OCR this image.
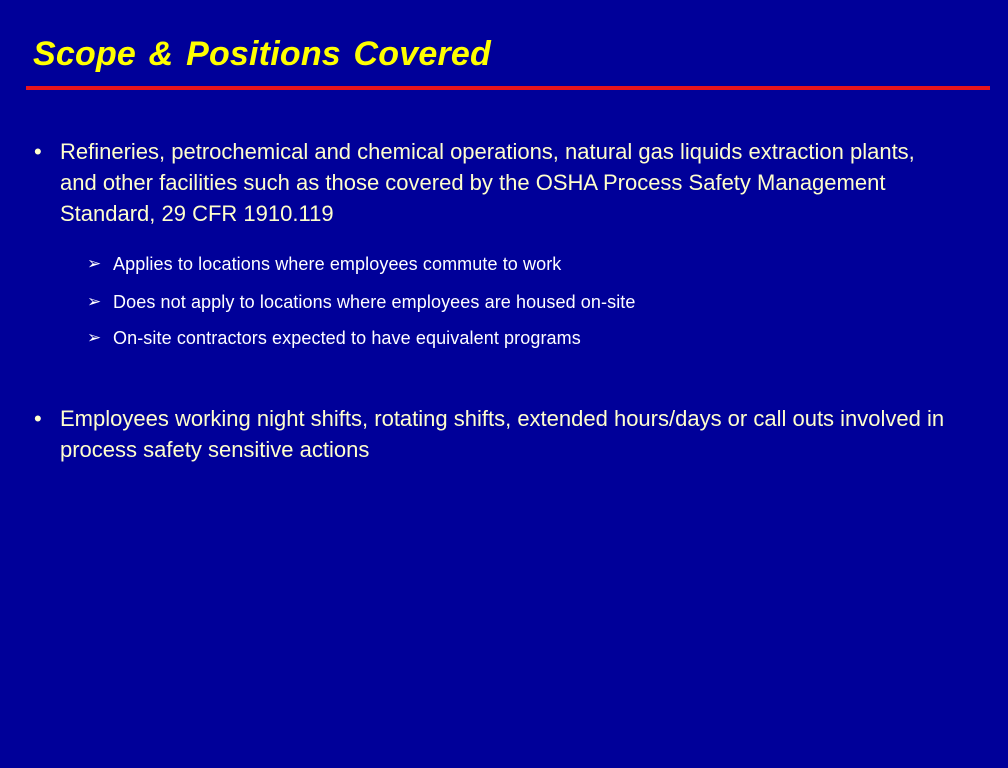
Scope & Positions Covered
• Refineries, petrochemical and chemical operations, natural gas liquids extraction plants, and other facilities such as those covered by the OSHA Process Safety Management Standard, 29 CFR 1910.119
➢ Applies to locations where employees commute to work
➢ Does not apply to locations where employees are housed on-site
➢ On-site contractors expected to have equivalent programs
• Employees working night shifts, rotating shifts, extended hours/days or call outs involved in process safety sensitive actions
